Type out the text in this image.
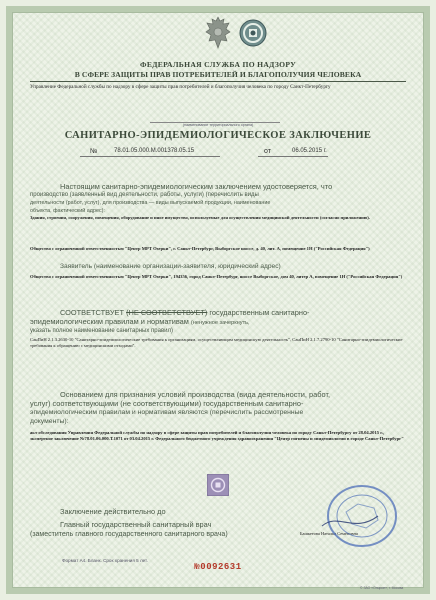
ФЕДЕРАЛЬНАЯ СЛУЖБА ПО НАДЗОРУ
В СФЕРЕ ЗАЩИТЫ ПРАВ ПОТРЕБИТЕЛЕЙ И БЛАГОПОЛУЧИЯ ЧЕЛОВЕКА
Управление Федеральной службы по надзору в сфере защиты прав потребителей и благополучия человека по городу Санкт-Петербургу
(наименование территориального органа)
САНИТАРНО-ЭПИДЕМИОЛОГИЧЕСКОЕ ЗАКЛЮЧЕНИЕ
№	78.01.05.000.М.001378.05.15	от	06.05.2015 г.
Настоящим санитарно-эпидемиологическим заключением удостоверяется, что
производство (заявленный вид деятельности, работы, услуги) (перечислить виды
деятельности (работ, услуг), для производства — виды выпускаемой продукции, наименование
объекта, фактический адрес):
Здания, строения, сооружения, помещения, оборудование и иное имущество, используемые для осуществления медицинской деятельности (согласно приложению).
Общество с ограниченной ответственностью "Центр МРТ Озерки", г. Санкт-Петербург, Выборгское шоссе, д. 40, лит. А, помещение 1Н ("Российская Федерация")
Заявитель (наименование организации-заявителя, юридический адрес)
Общество с ограниченной ответственностью "Центр МРТ Озерки", 194356, город Санкт-Петербург, шоссе Выборгское, дом 40, литер А, помещение 1Н ("Российская Федерация")
СООТВЕТСТВУЕТ (НЕ СООТВЕТСТВУЕТ) государственным санитарно-
эпидемиологическим правилам и нормативам (ненужное зачеркнуть,
указать полное наименование санитарных правил)
СанПиН 2.1.3.2630-10 "Санитарно-эпидемиологические требования к организациям, осуществляющим медицинскую деятельность", СанПиН 2.1.7.2790-10 "Санитарно-эпидемиологические требования к обращению с медицинскими отходами".
Основанием для признания условий производства (вида деятельности, работ,
услуг) соответствующими (не соответствующими) государственным санитарно-
эпидемиологическим правилам и нормативам являются (перечислить рассмотренные
документы):
акт обследования Управления Федеральной службы по надзору в сфере защиты прав потребителей и благополучия человека по городу Санкт-Петербургу от 28.04.2015 г., экспертное заключение №78.01.06.000.Т.1071 от 03.04.2015 г. Федерального бюджетного учреждения здравоохранения "Центр гигиены и эпидемиологии в городе Санкт-Петербург"
Заключение действительно до
Главный государственный санитарный врач
(заместитель главного государственного санитарного врача)	Башкетова Наталья Семёновна
Формат А4. Бланк. Срок хранения 5 лет.
№0092631
© ЗАО «Опцион», г. Москва
